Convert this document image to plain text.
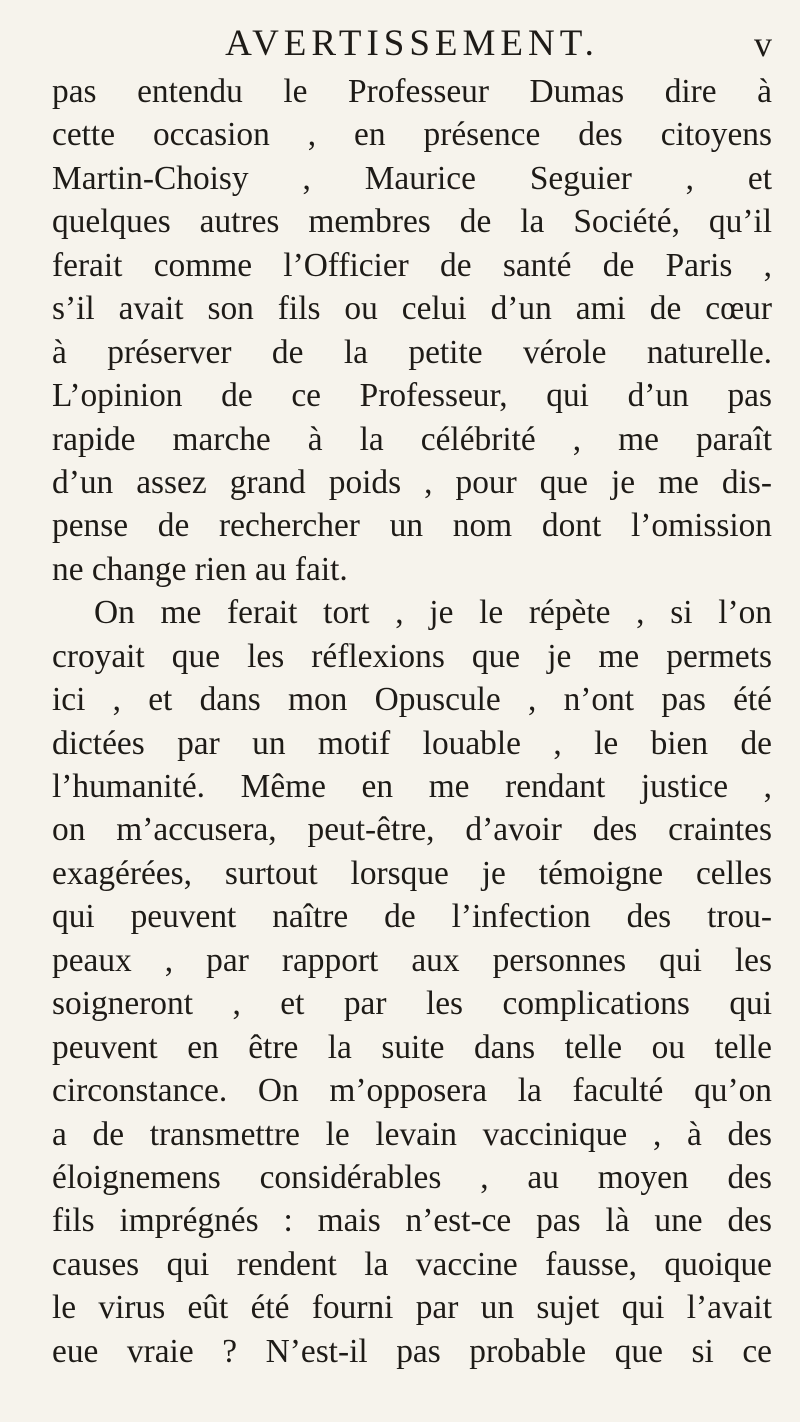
AVERTISSEMENT.	v
pas entendu le Professeur Dumas dire à
cette occasion , en présence des citoyens
Martin-Choisy , Maurice Seguier , et
quelques autres membres de la Société, qu’il
ferait comme l’Officier de santé de Paris ,
s’il avait son fils ou celui d’un ami de cœur
à préserver de la petite vérole naturelle.
L’opinion de ce Professeur, qui d’un pas
rapide marche à la célébrité , me paraît
d’un assez grand poids , pour que je me dis-
pense de rechercher un nom dont l’omission
ne change rien au fait.
On me ferait tort , je le répète , si l’on
croyait que les réflexions que je me permets
ici , et dans mon Opuscule , n’ont pas été
dictées par un motif louable , le bien de
l’humanité. Même en me rendant justice ,
on m’accusera, peut-être, d’avoir des craintes
exagérées, surtout lorsque je témoigne celles
qui peuvent naître de l’infection des trou-
peaux , par rapport aux personnes qui les
soigneront , et par les complications qui
peuvent en être la suite dans telle ou telle
circonstance. On m’opposera la faculté qu’on
a de transmettre le levain vaccinique , à des
éloignemens considérables , au moyen des
fils imprégnés : mais n’est-ce pas là une des
causes qui rendent la vaccine fausse, quoique
le virus eût été fourni par un sujet qui l’avait
eue vraie ? N’est-il pas probable que si ce
